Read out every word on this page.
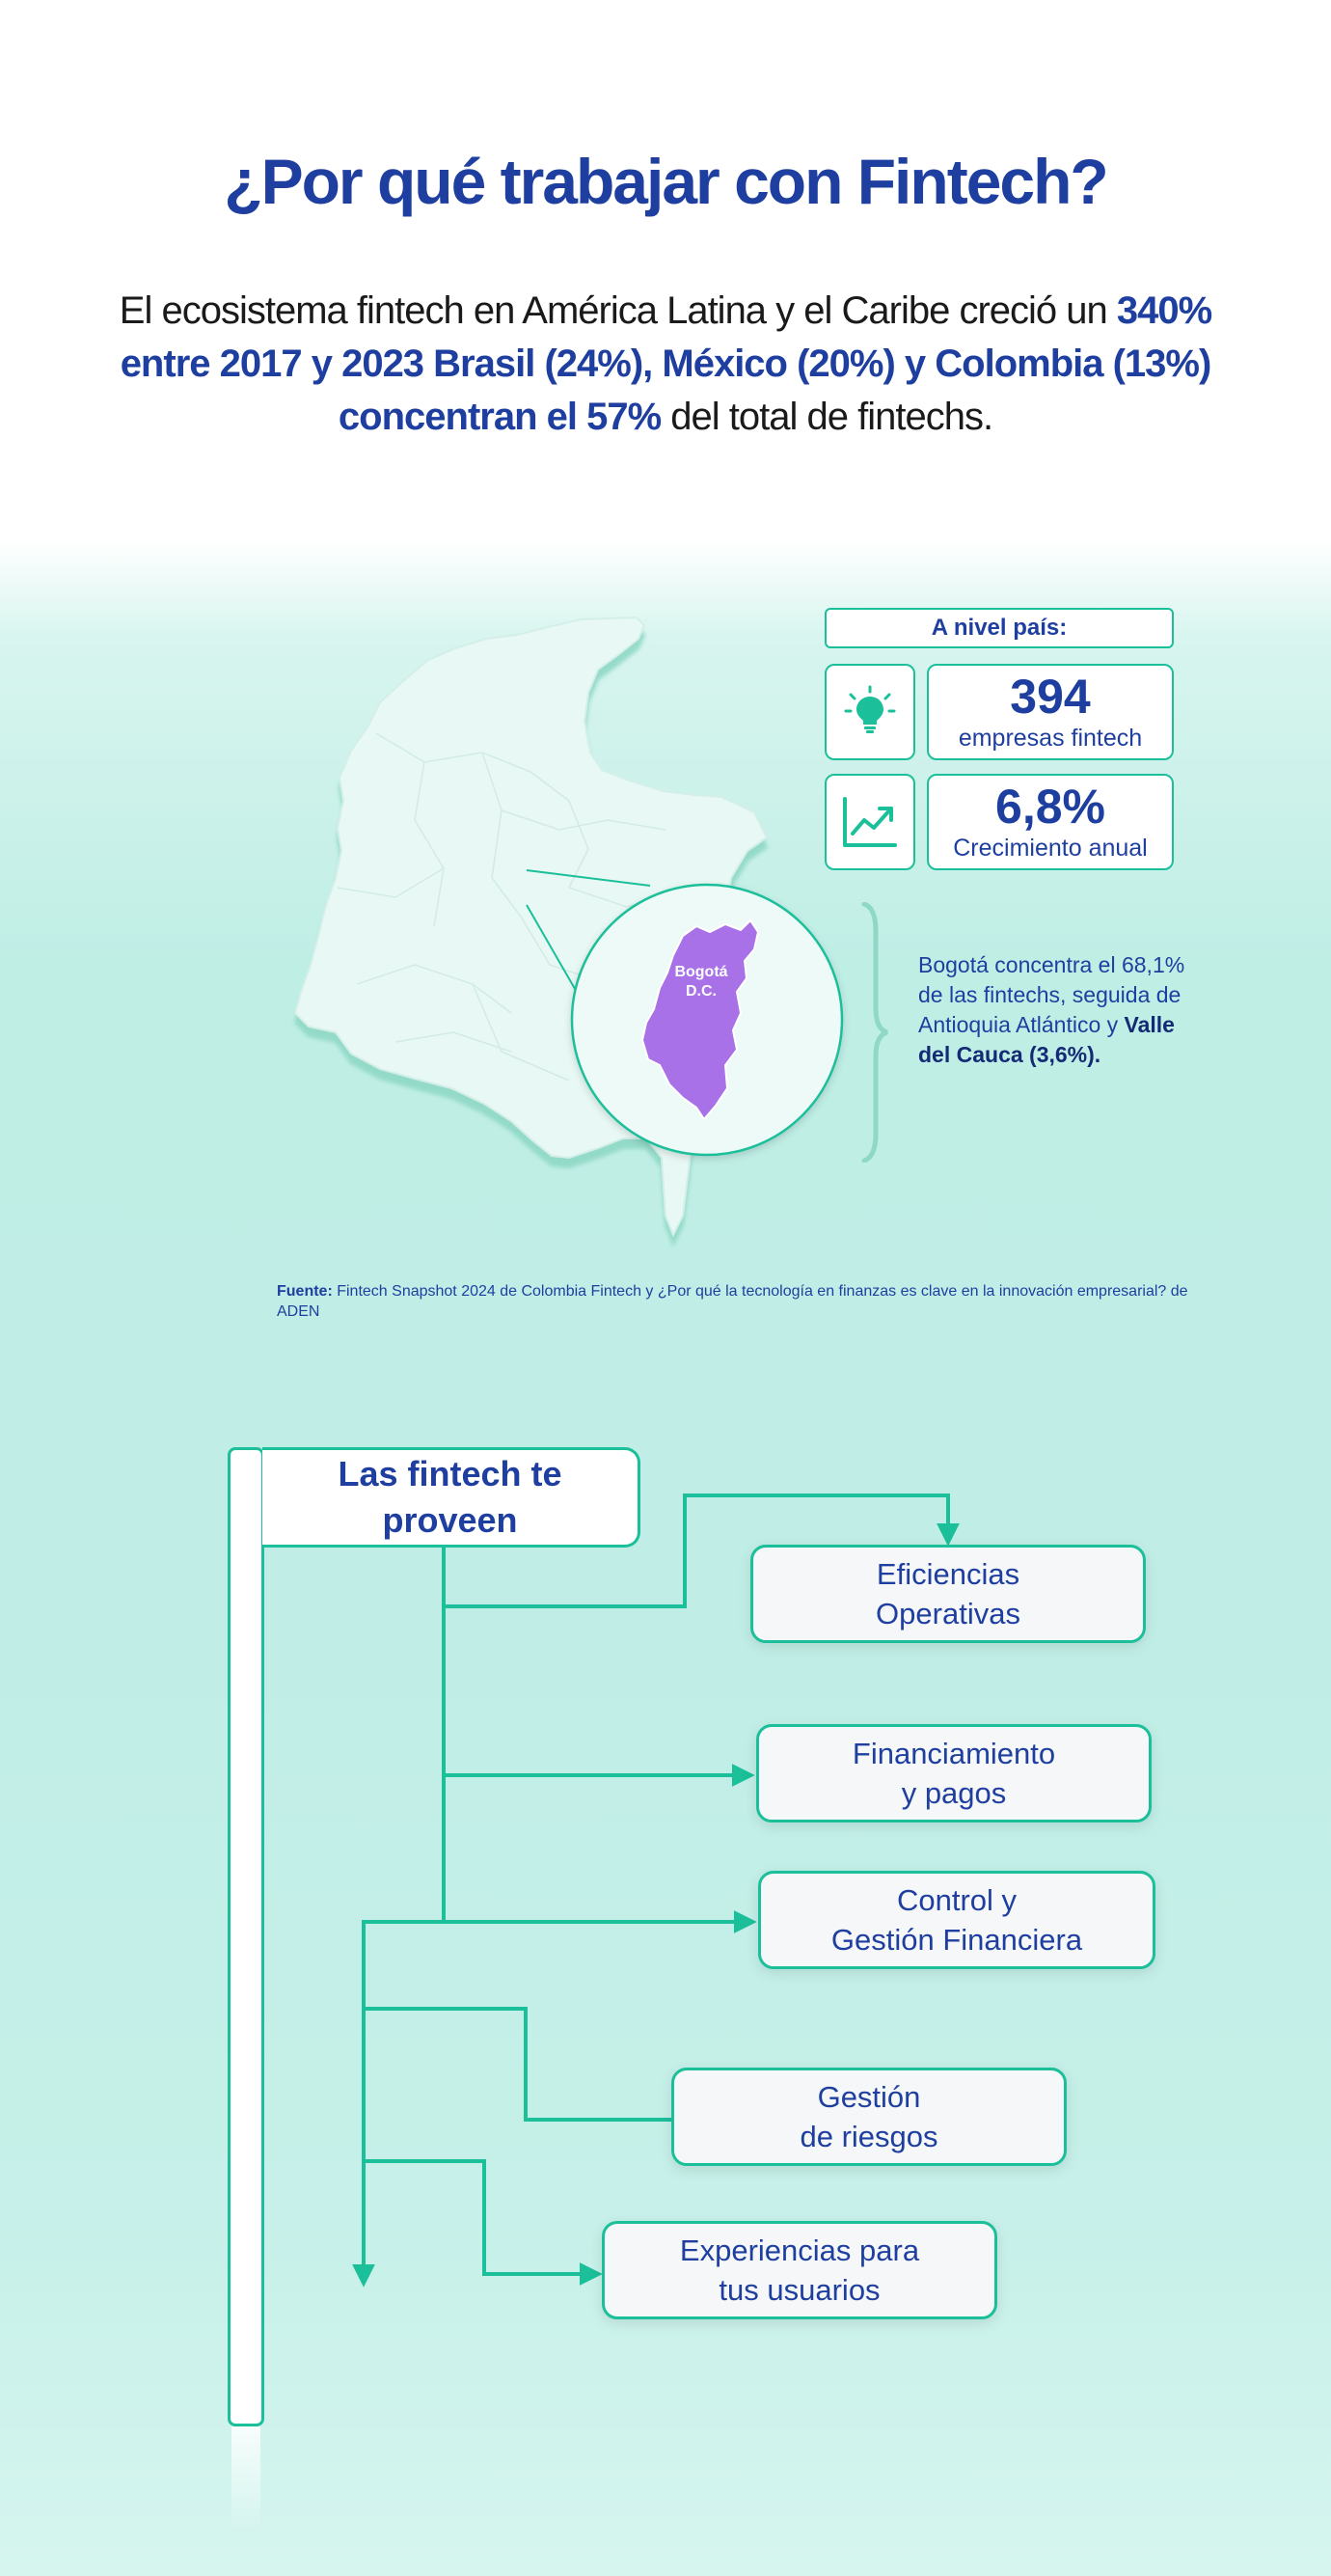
¿Por qué trabajar con Fintech?
El ecosistema fintech en América Latina y el Caribe creció un 340% entre 2017 y 2023 Brasil (24%), México (20%) y Colombia (13%) concentran el 57% del total de fintechs.
Bogotá
D.C.
A nivel país:
394
empresas fintech
6,8%
Crecimiento anual
Bogotá concentra el 68,1% de las fintechs, seguida de Antioquia Atlántico y Valle del Cauca (3,6%).
Fuente: Fintech Snapshot 2024 de Colombia Fintech y ¿Por qué la tecnología en finanzas es clave en la innovación empresarial? de ADEN
Las fintech te
proveen
Eficiencias
Operativas
Financiamiento
y pagos
Control y
Gestión Financiera
Gestión
de riesgos
Experiencias para
tus usuarios
